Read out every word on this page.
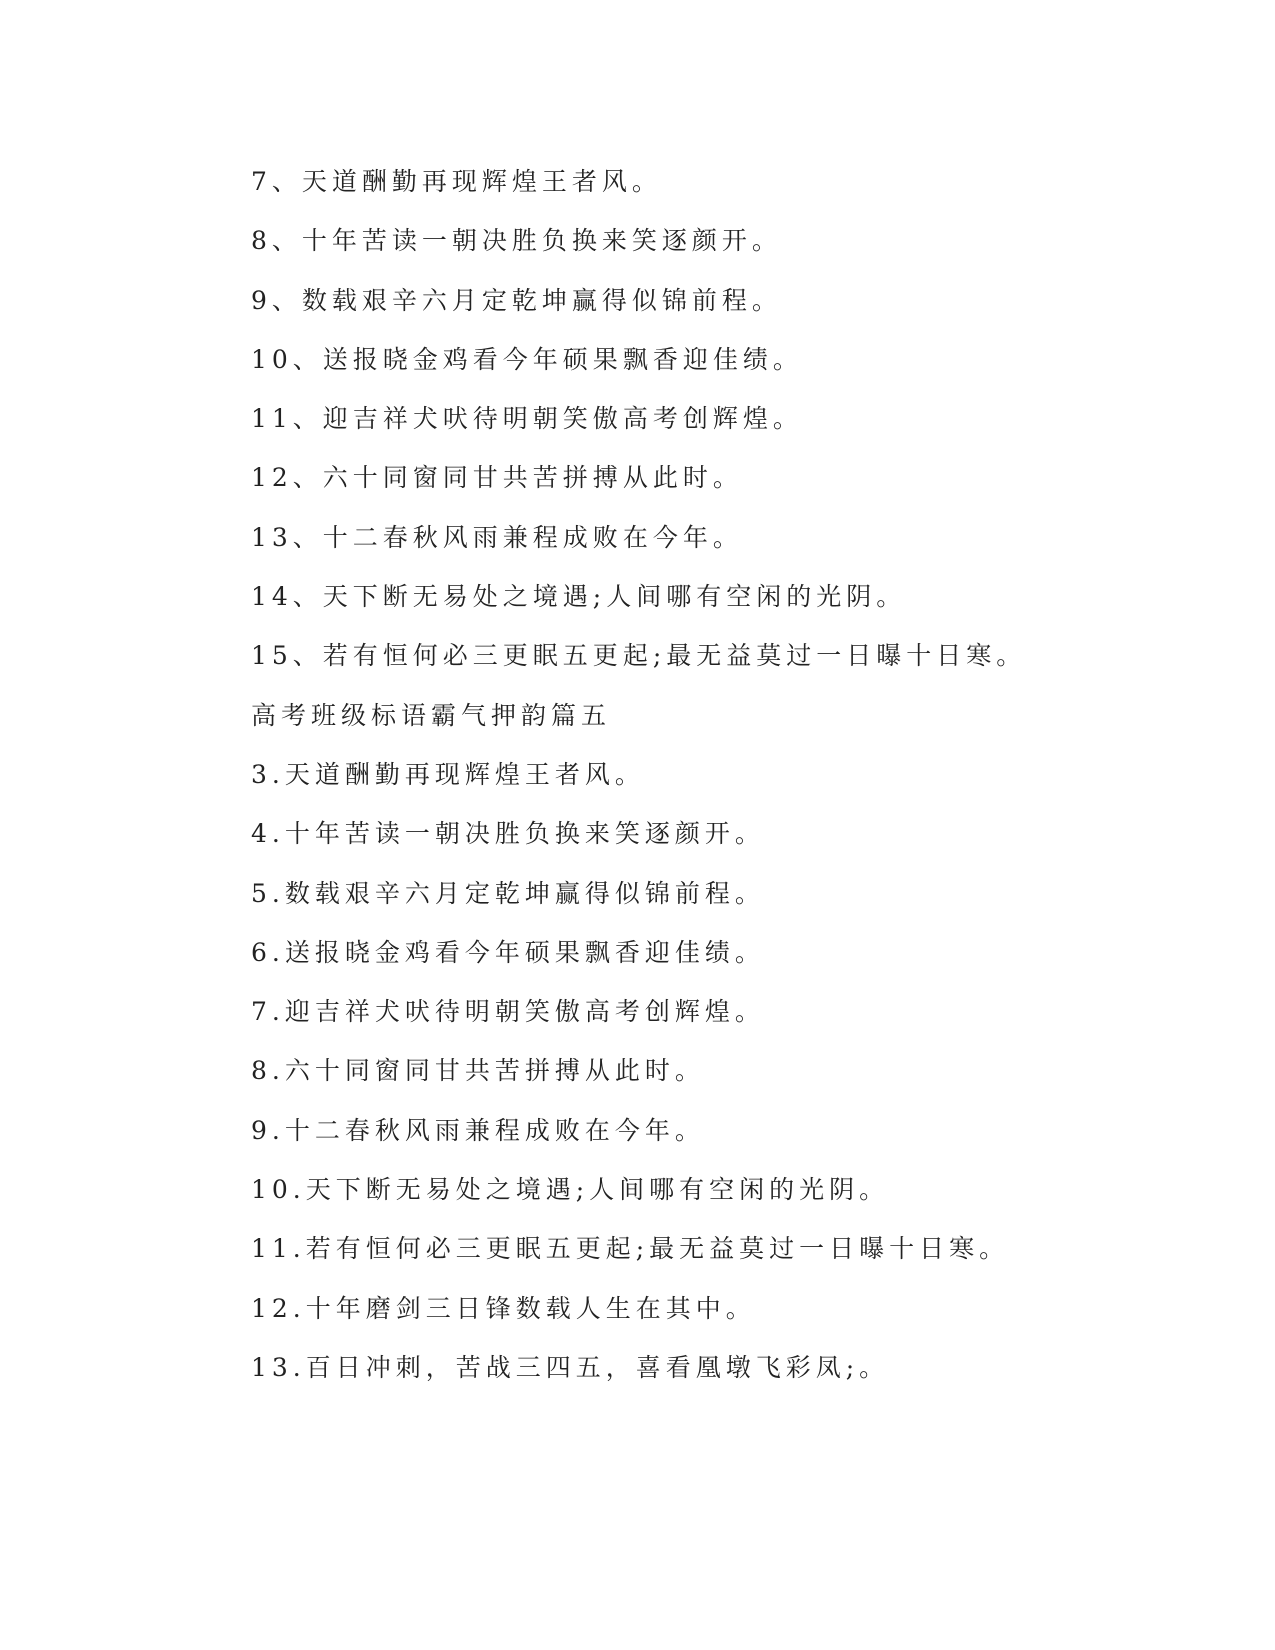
7、天道酬勤再现辉煌王者风。
8、十年苦读一朝决胜负换来笑逐颜开。
9、数载艰辛六月定乾坤赢得似锦前程。
10、送报晓金鸡看今年硕果飘香迎佳绩。
11、迎吉祥犬吠待明朝笑傲高考创辉煌。
12、六十同窗同甘共苦拼搏从此时。
13、十二春秋风雨兼程成败在今年。
14、天下断无易处之境遇;人间哪有空闲的光阴。
15、若有恒何必三更眠五更起;最无益莫过一日曝十日寒。
高考班级标语霸气押韵篇五
3.天道酬勤再现辉煌王者风。
4.十年苦读一朝决胜负换来笑逐颜开。
5.数载艰辛六月定乾坤赢得似锦前程。
6.送报晓金鸡看今年硕果飘香迎佳绩。
7.迎吉祥犬吠待明朝笑傲高考创辉煌。
8.六十同窗同甘共苦拼搏从此时。
9.十二春秋风雨兼程成败在今年。
10.天下断无易处之境遇;人间哪有空闲的光阴。
11.若有恒何必三更眠五更起;最无益莫过一日曝十日寒。
12.十年磨剑三日锋数载人生在其中。
13.百日冲刺，苦战三四五，喜看凰墩飞彩凤;。
